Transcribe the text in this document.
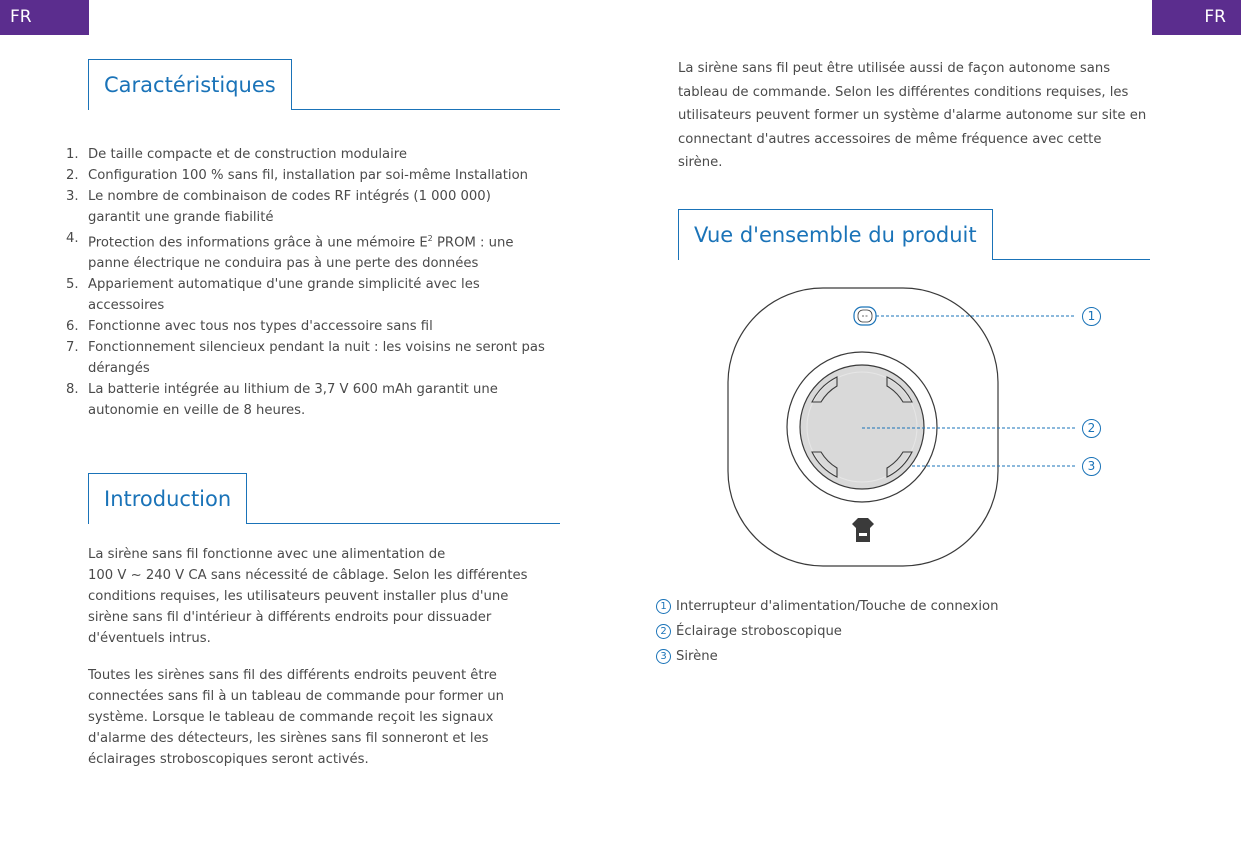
FR	FR
Caractéristiques
1. De taille compacte et de construction modulaire
2. Configuration 100 % sans fil, installation par soi-même Installation
3. Le nombre de combinaison de codes RF intégrés (1 000 000) garantit une grande fiabilité
4. Protection des informations grâce à une mémoire $E^2$ PROM : une panne électrique ne conduira pas à une perte des données
5. Appariement automatique d'une grande simplicité avec les accessoires
6. Fonctionne avec tous nos types d'accessoire sans fil
7. Fonctionnement silencieux pendant la nuit : les voisins ne seront pas dérangés
8. La batterie intégrée au lithium de 3,7 V 600 mAh garantit une autonomie en veille de 8 heures.
Introduction
La sirène sans fil fonctionne avec une alimentation de
100 V ~ 240 V CA sans nécessité de câblage. Selon les différentes conditions requises, les utilisateurs peuvent installer plus d'une sirène sans fil d'intérieur à différents endroits pour dissuader d'éventuels intrus.
Toutes les sirènes sans fil des différents endroits peuvent être connectées sans fil à un tableau de commande pour former un système. Lorsque le tableau de commande reçoit les signaux d'alarme des détecteurs, les sirènes sans fil sonneront et les éclairages stroboscopiques seront activés.
La sirène sans fil peut être utilisée aussi de façon autonome sans tableau de commande. Selon les différentes conditions requises, les utilisateurs peuvent former un système d'alarme autonome sur site en connectant d'autres accessoires de même fréquence avec cette sirène.
Vue d'ensemble du produit
1
2
3
1 Interrupteur d'alimentation/Touche de connexion
2 Éclairage stroboscopique
3 Sirène
